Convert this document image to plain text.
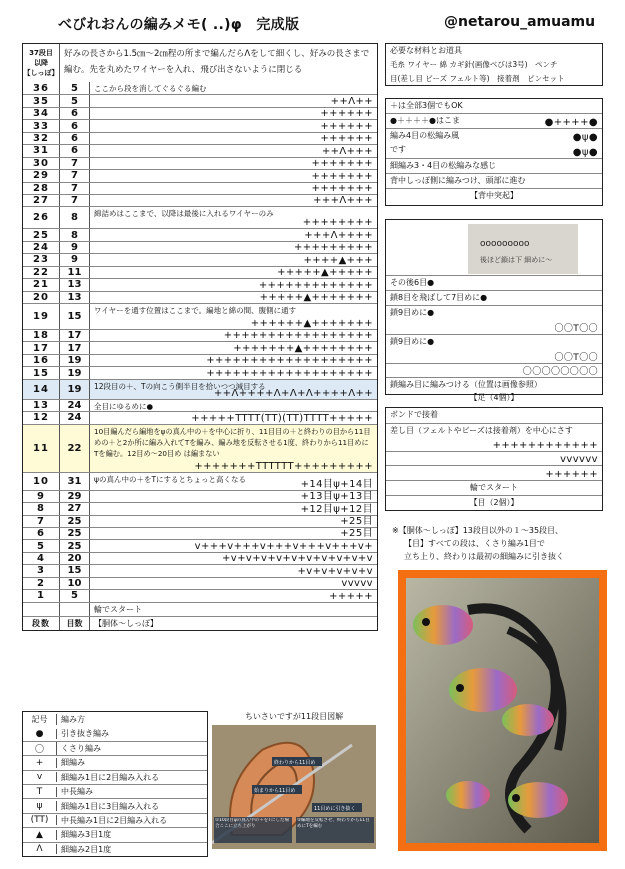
べびれおんの編みメモ( ..)φ　完成版	@netarou_amuamu
37段目
以降
【しっぽ】
好みの長さから1.5㎝～2㎝程の所まで編んだらΛをして細くし、好みの長さまで編む。先を丸めたワイヤーを入れ、飛び出さないように閉じる
36	5	ここから段を消してぐるぐる編む
35	5	++Λ++
34	6	++++++
33	6	++++++
32	6	++++++
31	6	++Λ+++
30	7	+++++++
29	7	+++++++
28	7	+++++++
27	7	+++Λ+++
26	8	綿詰めはここまで、以降は最後に入れるワイヤーのみ
++++++++
25	8	+++Λ++++
24	9	+++++++++
23	9	++++▲+++
22	11	+++++▲+++++
21	13	+++++++++++++
20	13	+++++▲+++++++
19	15
ワイヤーを通す位置はここまで。編地と綿の間、腹側に通す
++++++▲+++++++
18	17	+++++++++++++++++
17	17	+++++++▲++++++++
16	19	+++++++++++++++++++
15	19	+++++++++++++++++++
14	19	12段目の＋、Tの向こう側半目を拾いつつ減目する
++Λ++++Λ+Λ+Λ++++Λ++
13	24	全目にゆるめに●
12	24	+++++TTTT(TT)(TT)TTTT+++++
11	22
10目編んだら編地をψの真ん中の＋を中心に折り、11目目の＋と終わりの目から11目めの＋と2か所に編み入れてTを編み、編み地を反転させる1度、終わりから11目めにTを編む。12目め～20目め は編まない
+++++++TTTTTT+++++++++
10	31	ψの真ん中の＋をTにするとちょっと高くなる	+14目ψ+14目
9	29	+13目ψ+13目
8	27	+12目ψ+12目
7	25	+25目
6	25	+25目
5	25	v+++v+++v+++v+++v+++v+
4	20	+v+v+v+v+v+v+v+v+v+v
3	15	+v+v+v+v+v
2	10	vvvvv
1	5	+++++
輪でスタート
段数	目数	【胴体～しっぽ】
必要な材料とお道具
毛糸 ワイヤー 綿 カギ針(画像べびは3号)　ペンチ
目(差し目 ビーズ フェルト等)　接着剤　ピンセット
＋は全部3個でもOK
●＋＋＋＋●はこま	●++++●
編み4目の松編み風	●ψ●
です	●ψ●
細編み3・4目の松編みな感じ
背中しっぽ側に編みつけ、頭部に進む
【背中突起】
ooooooooo
後ほど鎖は下 細めに～
その後6目●
鎖8目を飛ばして7目めに●
鎖9目めに●
〇〇T〇〇
鎖9目めに●
〇〇T〇〇
〇〇〇〇〇〇〇〇
鎖編み目に編みつける（位置は画像参照）
【足（4個）】
ボンドで接着
差し目（フェルトやビーズは接着剤）を中心にさす
++++++++++++
vvvvvv
++++++
輪でスタート
【目（2個）】
※【胴体～しっぽ】13段目以外の１～35段目、
【目】すべての段は、くさり編み1目で
立ち上り、終わりは最初の細編みに引き抜く
記号	編み方
●	引き抜き編み
〇	くさり編み
+	細編み
v	細編み1目に2目編み入れる
T	中長編み
ψ	細編み1目に3目編み入れる
(TT)	中長編み1目に2目編み入れる
▲	細編み3目1度
Λ	細編み2目1度
ちいさいですが11段目図解
終わりから11目め
11目めに引き抜く
始まりから11目め
①10段目ψの真ん中の＋をTにした場合ここに立ち上がり
②編地を反転させ、終わりから11目めにTを編む
